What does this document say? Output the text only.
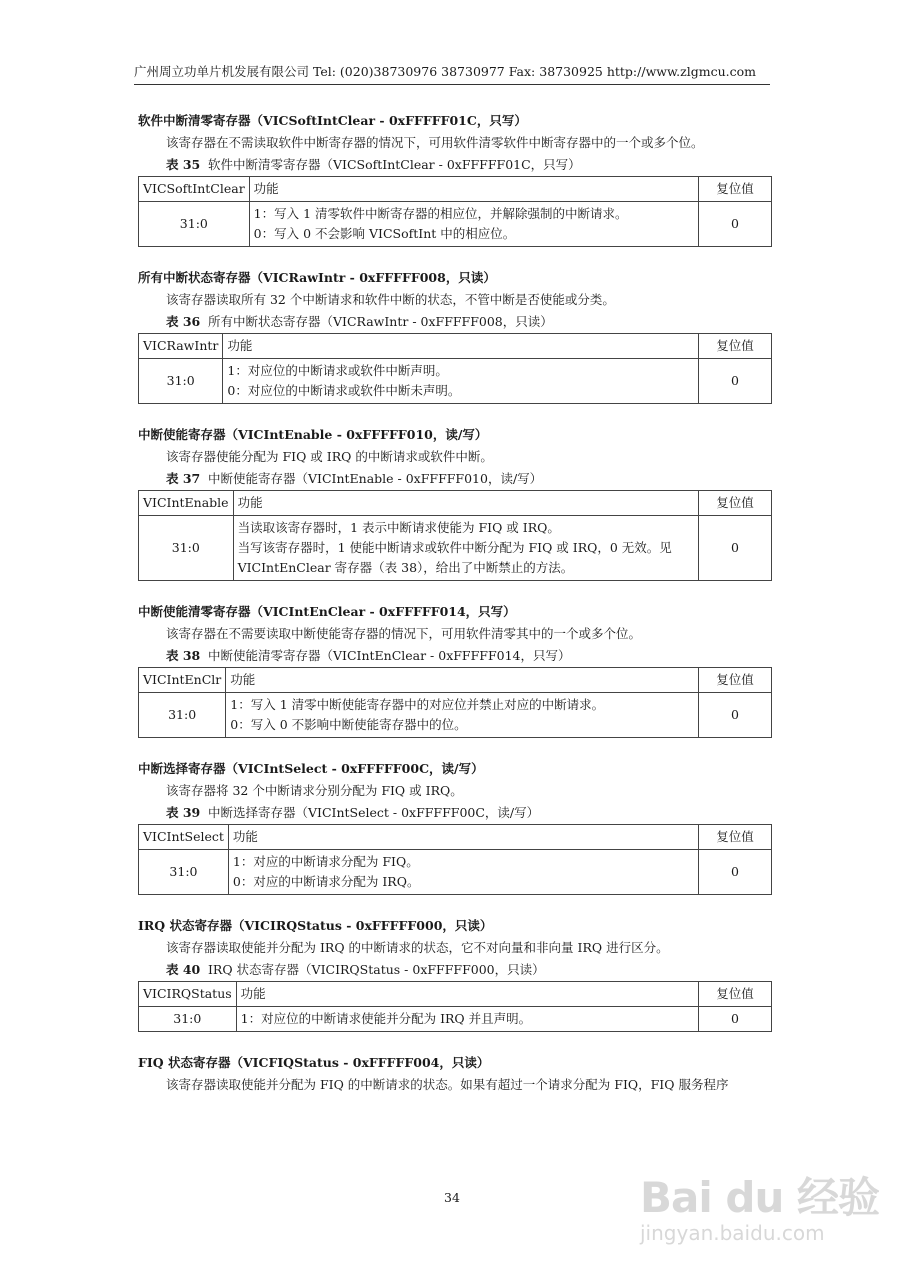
广州周立功单片机发展有限公司 Tel: (020)38730976 38730977 Fax: 38730925 http://www.zlgmcu.com
软件中断清零寄存器（VICSoftIntClear - 0xFFFFF01C，只写）
该寄存器在不需读取软件中断寄存器的情况下，可用软件清零软件中断寄存器中的一个或多个位。
表 35 软件中断清零寄存器（VICSoftIntClear - 0xFFFFF01C，只写）
VICSoftIntClear	功能	复位值
31:0	1：写入 1 清零软件中断寄存器的相应位，并解除强制的中断请求。
0：写入 0 不会影响 VICSoftInt 中的相应位。	0
所有中断状态寄存器（VICRawIntr - 0xFFFFF008，只读）
该寄存器读取所有 32 个中断请求和软件中断的状态，不管中断是否使能或分类。
表 36 所有中断状态寄存器（VICRawIntr - 0xFFFFF008，只读）
VICRawIntr	功能	复位值
31:0	1：对应位的中断请求或软件中断声明。
0：对应位的中断请求或软件中断未声明。	0
中断使能寄存器（VICIntEnable - 0xFFFFF010，读/写）
该寄存器使能分配为 FIQ 或 IRQ 的中断请求或软件中断。
表 37 中断使能寄存器（VICIntEnable - 0xFFFFF010，读/写）
VICIntEnable	功能	复位值
31:0	当读取该寄存器时，1 表示中断请求使能为 FIQ 或 IRQ。
当写该寄存器时，1 使能中断请求或软件中断分配为 FIQ 或 IRQ，0 无效。见
VICIntEnClear 寄存器（表 38），给出了中断禁止的方法。	0
中断使能清零寄存器（VICIntEnClear - 0xFFFFF014，只写）
该寄存器在不需要读取中断使能寄存器的情况下，可用软件清零其中的一个或多个位。
表 38 中断使能清零寄存器（VICIntEnClear - 0xFFFFF014，只写）
VICIntEnClr	功能	复位值
31:0	1：写入 1 清零中断使能寄存器中的对应位并禁止对应的中断请求。
0：写入 0 不影响中断使能寄存器中的位。	0
中断选择寄存器（VICIntSelect - 0xFFFFF00C，读/写）
该寄存器将 32 个中断请求分别分配为 FIQ 或 IRQ。
表 39 中断选择寄存器（VICIntSelect - 0xFFFFF00C，读/写）
VICIntSelect	功能	复位值
31:0	1：对应的中断请求分配为 FIQ。
0：对应的中断请求分配为 IRQ。	0
IRQ 状态寄存器（VICIRQStatus - 0xFFFFF000，只读）
该寄存器读取使能并分配为 IRQ 的中断请求的状态，它不对向量和非向量 IRQ 进行区分。
表 40 IRQ 状态寄存器（VICIRQStatus - 0xFFFFF000，只读）
VICIRQStatus	功能	复位值
31:0	1：对应位的中断请求使能并分配为 IRQ 并且声明。	0
FIQ 状态寄存器（VICFIQStatus - 0xFFFFF004，只读）
该寄存器读取使能并分配为 FIQ 的中断请求的状态。如果有超过一个请求分配为 FIQ，FIQ 服务程序
34	Bai du 经验
jingyan.baidu.com
